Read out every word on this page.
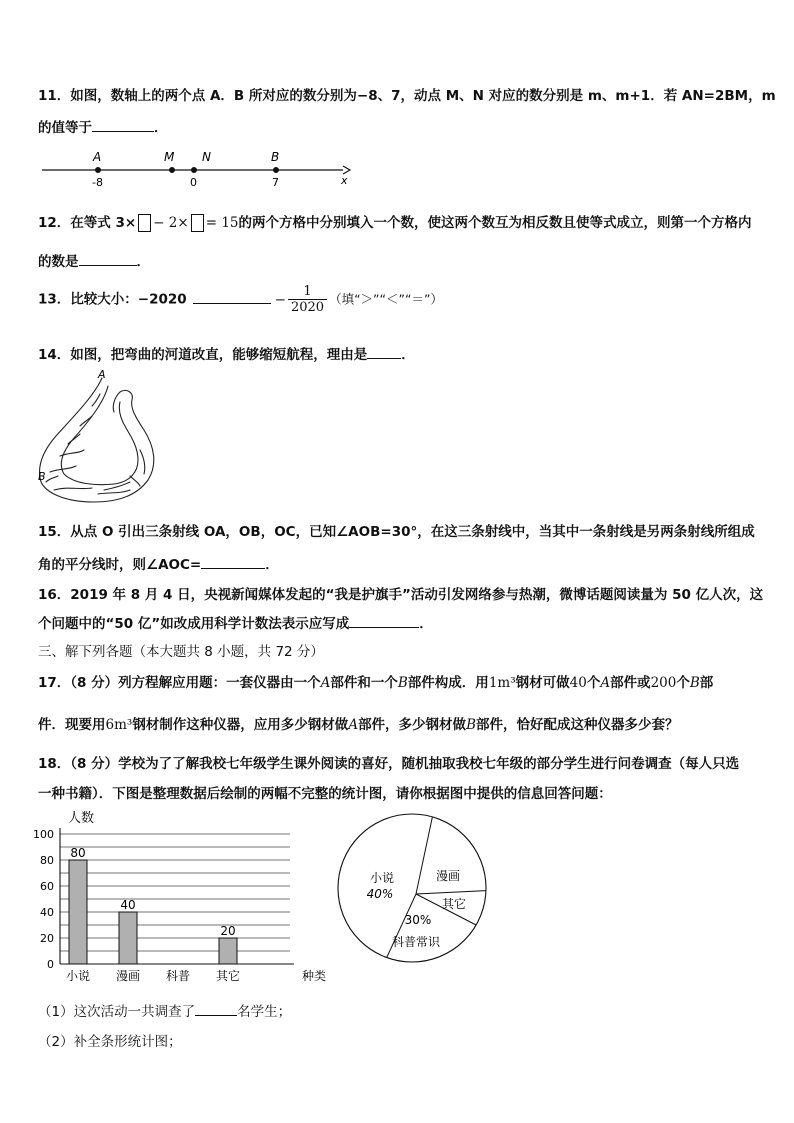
11．如图，数轴上的两个点 A．B 所对应的数分别为−8、7，动点 M、N 对应的数分别是 m、m+1．若 AN=2BM，m
的值等于	．
A	M N	B
-8	0	7	x
12．在等式 3× − 2× = 15的两个方格中分别填入一个数，使这两个数互为相反数且使等式成立，则第一个方格内
的数是	．
13．比较大小：−2020	− $\frac{1}{2020}$ （填“＞”“＜”“＝”）
14．如图，把弯曲的河道改直，能够缩短航程，理由是	．
A
B
15．从点 O 引出三条射线 OA，OB，OC，已知∠AOB=30°，在这三条射线中，当其中一条射线是另两条射线所组成
角的平分线时，则∠AOC=	．
16．2019 年 8 月 4 日，央视新闻媒体发起的“我是护旗手”活动引发网络参与热潮，微博话题阅读量为 50 亿人次，这
个问题中的“50 亿”如改成用科学计数法表示应写成	．
三、解下列各题（本大题共 8 小题，共 72 分）
17．（8 分）列方程解应用题：一套仪器由一个A部件和一个B部件构成．用1m³钢材可做40个A部件或200个B部
件．现要用6m³钢材制作这种仪器，应用多少钢材做A部件，多少钢材做B部件，恰好配成这种仪器多少套？
18．（8 分）学校为了了解我校七年级学生课外阅读的喜好，随机抽取我校七年级的部分学生进行问卷调查（每人只选
一种书籍）．下图是整理数据后绘制的两幅不完整的统计图，请你根据图中提供的信息回答问题：
0
20
40
60
80
100
小说
80
漫画
40
科普 其它
20
人数
种类
小说	漫画
其它
科普常识
40%
30%
（1）这次活动一共调查了	名学生；
（2）补全条形统计图；
